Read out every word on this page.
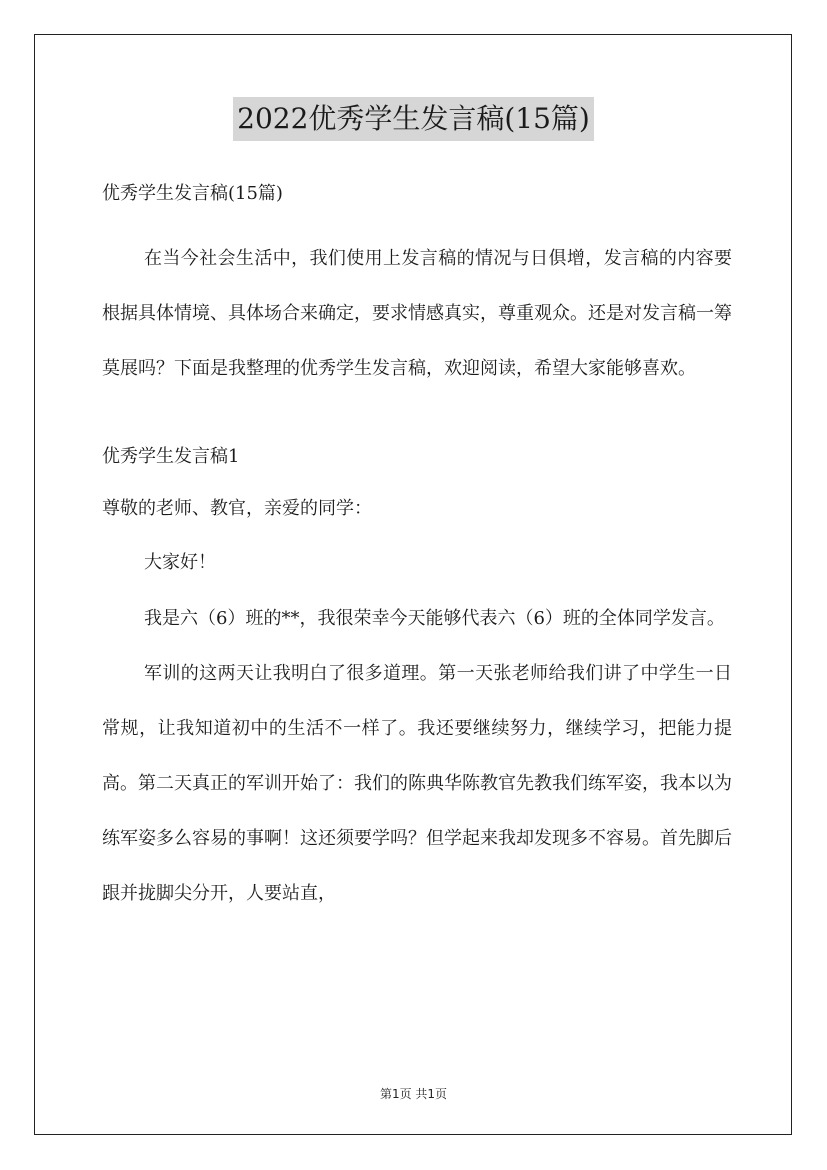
2022优秀学生发言稿(15篇)
优秀学生发言稿(15篇)

在当今社会生活中，我们使用上发言稿的情况与日俱增，发言稿的内容要根据具体情境、具体场合来确定，要求情感真实，尊重观众。还是对发言稿一筹莫展吗？下面是我整理的优秀学生发言稿，欢迎阅读，希望大家能够喜欢。

优秀学生发言稿1
尊敬的老师、教官，亲爱的同学：
大家好！

我是六（6）班的**，我很荣幸今天能够代表六（6）班的全体同学发言。

军训的这两天让我明白了很多道理。第一天张老师给我们讲了中学生一日常规，让我知道初中的生活不一样了。我还要继续努力，继续学习，把能力提高。第二天真正的军训开始了：我们的陈典华陈教官先教我们练军姿，我本以为练军姿多么容易的事啊！这还须要学吗？但学起来我却发现多不容易。首先脚后跟并拢脚尖分开，人要站直，

第1页 共1页
